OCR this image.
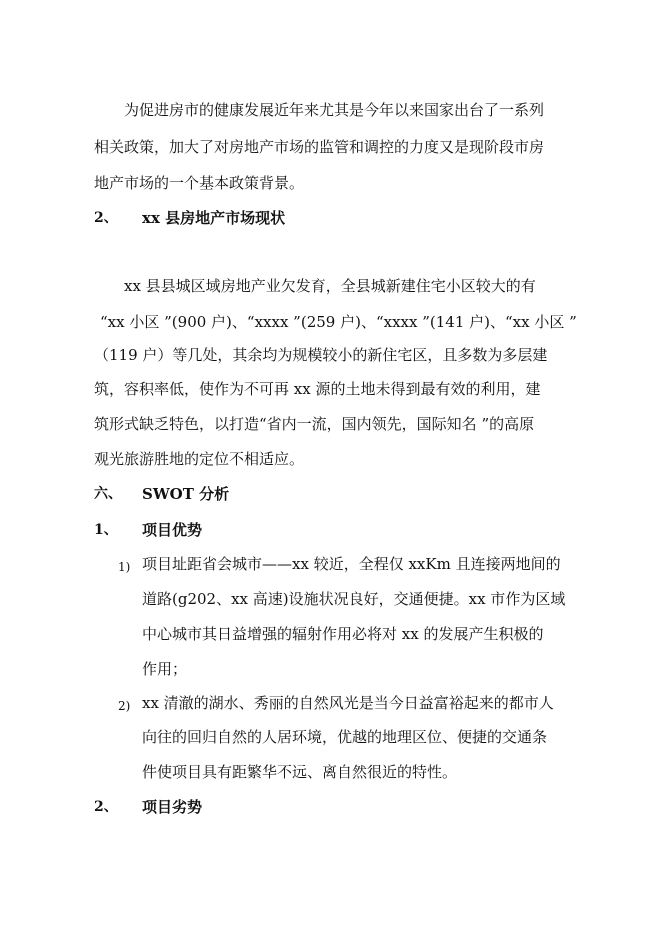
为促进房市的健康发展近年来尤其是今年以来国家出台了一系列
相关政策，加大了对房地产市场的监管和调控的力度又是现阶段市房
地产市场的一个基本政策背景。
2、 xx 县房地产市场现状
xx 县县城区域房地产业欠发育，全县城新建住宅小区较大的有
“xx 小区 ”(900 户)、“xxxx ”(259 户)、“xxxx ”(141 户)、“xx 小区 ”
（119 户）等几处，其余均为规模较小的新住宅区，且多数为多层建
筑，容积率低，使作为不可再 xx 源的土地未得到最有效的利用，建
筑形式缺乏特色，以打造“省内一流，国内领先，国际知名 ”的高原
观光旅游胜地的定位不相适应。
六、 SWOT 分析
1、 项目优势
1) 项目址距省会城市——xx 较近，全程仅 xxKm 且连接两地间的
道路(g202、xx 高速)设施状况良好，交通便捷。xx 市作为区域
中心城市其日益增强的辐射作用必将对 xx 的发展产生积极的
作用；
2) xx 清澈的湖水、秀丽的自然风光是当今日益富裕起来的都市人
向往的回归自然的人居环境，优越的地理区位、便捷的交通条
件使项目具有距繁华不远、离自然很近的特性。
2、 项目劣势
